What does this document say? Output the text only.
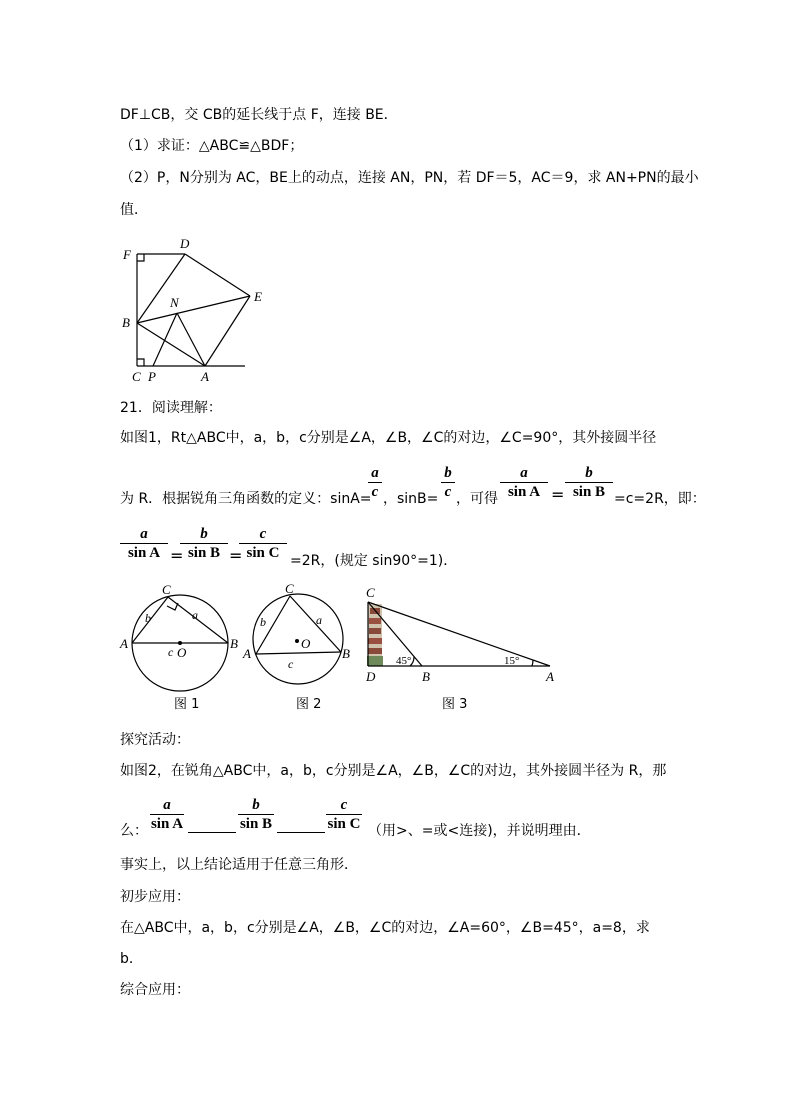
DF⊥CB，交 CB的延长线于点 F，连接 BE．
（1）求证：△ABC≌△BDF；
（2）P，N分别为 AC，BE上的动点，连接 AN，PN，若 DF＝5，AC＝9，求 AN+PN的最小
值．
F
D
E
N
B
C P	A
21．阅读理解：
如图1，Rt△ABC中，a，b，c分别是∠A，∠B，∠C的对边，∠C=90°，其外接圆半径
为 R．根据锐角三角函数的定义：sinA=
a
c ，sinB=
b
c ，可得
a
sin A =
b
sin B =c=2R，即：
a
sin A =
b
sin B =
c
sin C =2R，(规定 sin90°=1)．
C
b	a
A
c O
B
图 1
C
b	a
A
O
c
B
图 2
C
D	B	A
45°	15°
图 3
探究活动：
如图2，在锐角△ABC中，a，b，c分别是∠A，∠B，∠C的对边，其外接圆半径为 R，那
么：
a
sin A
b
sin B
c
sin C （用>、=或<连接)，并说明理由．
事实上，以上结论适用于任意三角形．
初步应用：
在△ABC中，a，b，c分别是∠A，∠B，∠C的对边，∠A=60°，∠B=45°，a=8，求
b．
综合应用：
